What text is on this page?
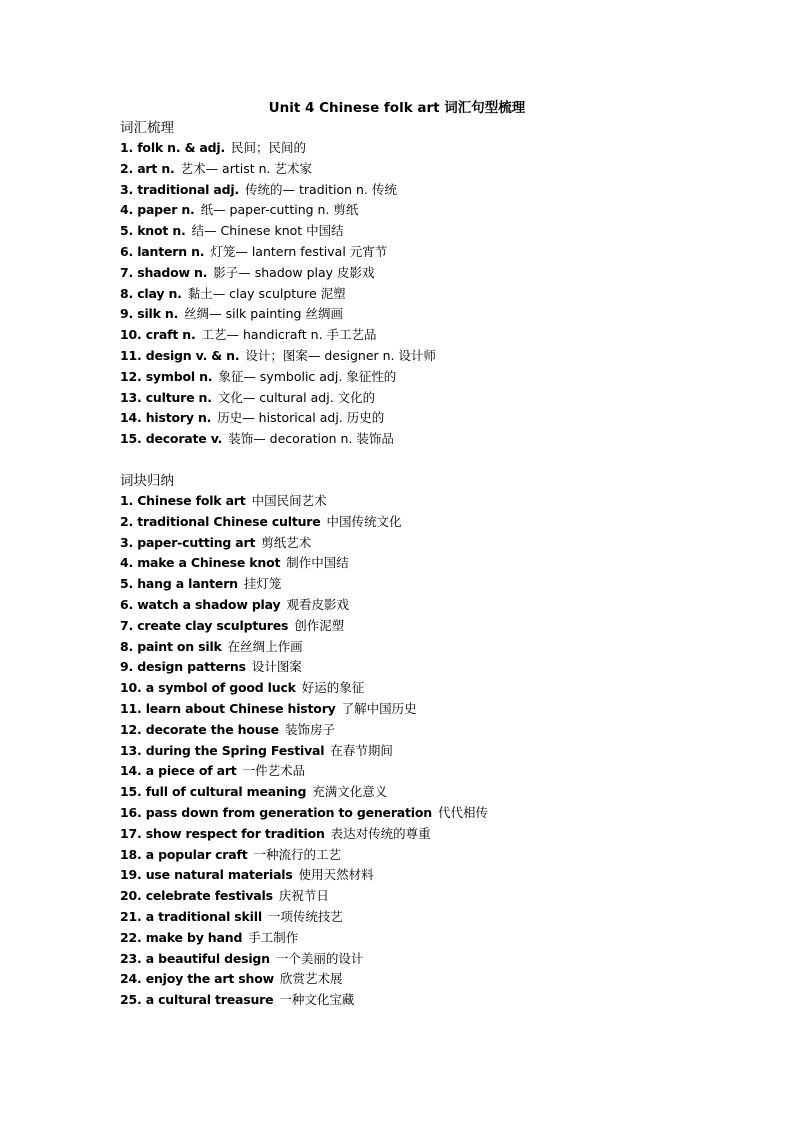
Unit 4 Chinese folk art 词汇句型梳理
词汇梳理
1. folk n. & adj. 民间；民间的
2. art n. 艺术— artist n. 艺术家
3. traditional adj. 传统的— tradition n. 传统
4. paper n. 纸— paper-cutting n. 剪纸
5. knot n. 结— Chinese knot 中国结
6. lantern n. 灯笼— lantern festival 元宵节
7. shadow n. 影子— shadow play 皮影戏
8. clay n. 黏土— clay sculpture 泥塑
9. silk n. 丝绸— silk painting 丝绸画
10. craft n. 工艺— handicraft n. 手工艺品
11. design v. & n. 设计；图案— designer n. 设计师
12. symbol n. 象征— symbolic adj. 象征性的
13. culture n. 文化— cultural adj. 文化的
14. history n. 历史— historical adj. 历史的
15. decorate v. 装饰— decoration n. 装饰品
词块归纳
1. Chinese folk art 中国民间艺术
2. traditional Chinese culture 中国传统文化
3. paper-cutting art 剪纸艺术
4. make a Chinese knot 制作中国结
5. hang a lantern 挂灯笼
6. watch a shadow play 观看皮影戏
7. create clay sculptures 创作泥塑
8. paint on silk 在丝绸上作画
9. design patterns 设计图案
10. a symbol of good luck 好运的象征
11. learn about Chinese history 了解中国历史
12. decorate the house 装饰房子
13. during the Spring Festival 在春节期间
14. a piece of art 一件艺术品
15. full of cultural meaning 充满文化意义
16. pass down from generation to generation 代代相传
17. show respect for tradition 表达对传统的尊重
18. a popular craft 一种流行的工艺
19. use natural materials 使用天然材料
20. celebrate festivals 庆祝节日
21. a traditional skill 一项传统技艺
22. make by hand 手工制作
23. a beautiful design 一个美丽的设计
24. enjoy the art show 欣赏艺术展
25. a cultural treasure 一种文化宝藏
